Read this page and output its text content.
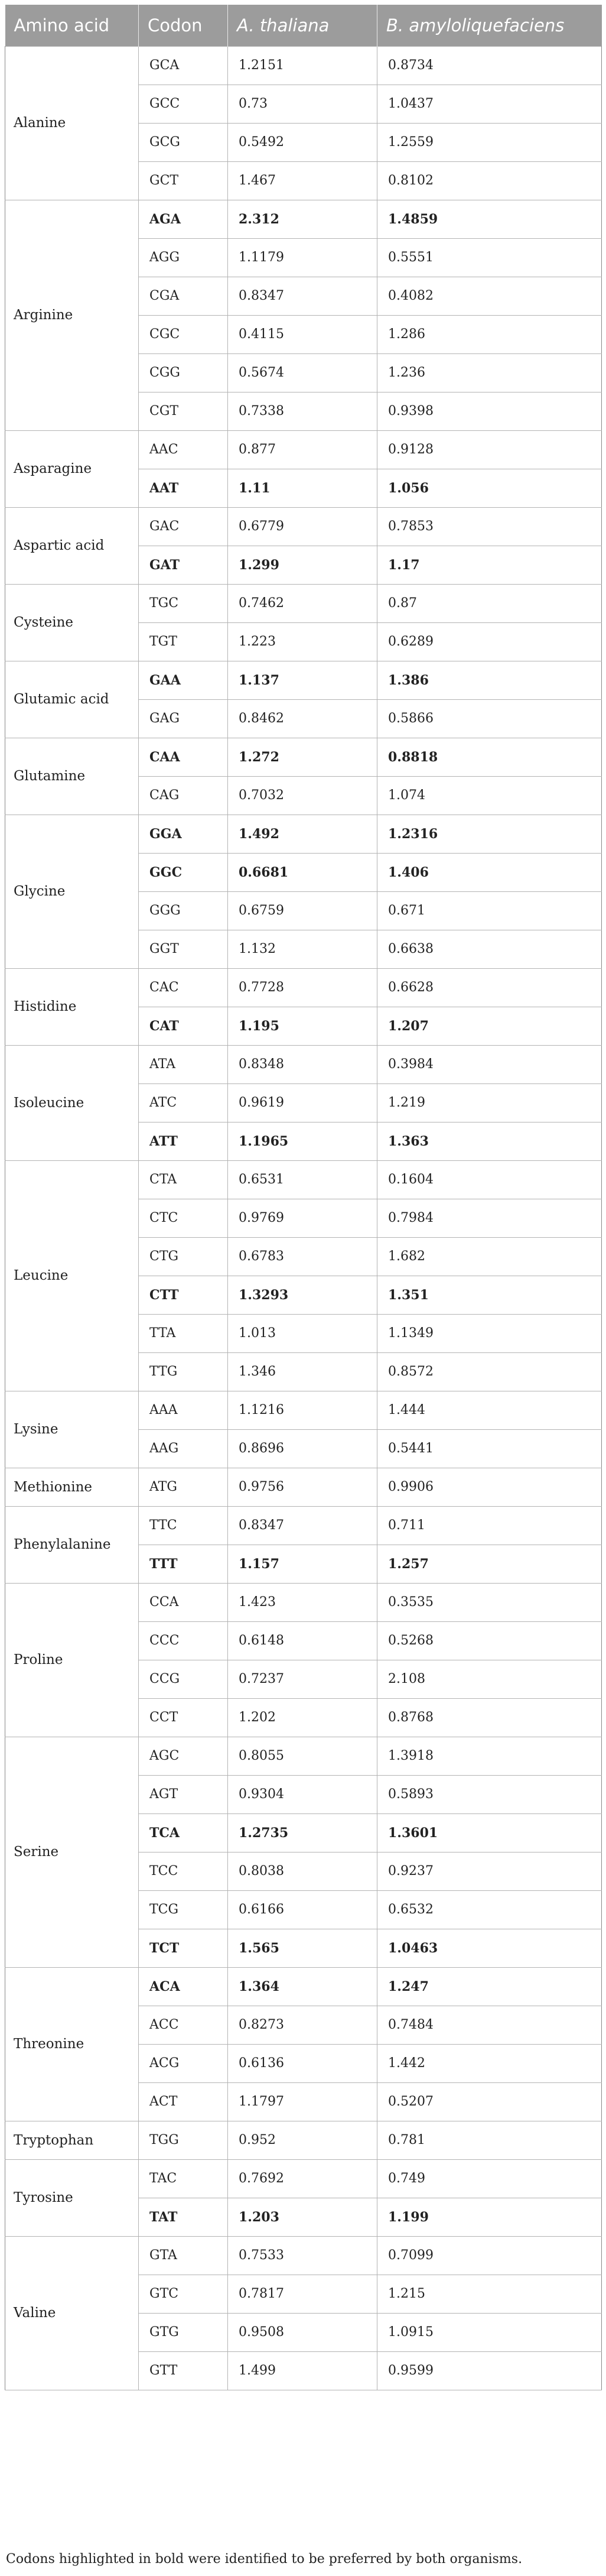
Amino acid	Codon	A. thaliana	B. amyloliquefaciens
Alanine	GCA	1.2151	0.8734
	GCC	0.73	1.0437
	GCG	0.5492	1.2559
	GCT	1.467	0.8102
Arginine	AGA	2.312	1.4859
	AGG	1.1179	0.5551
	CGA	0.8347	0.4082
	CGC	0.4115	1.286
	CGG	0.5674	1.236
	CGT	0.7338	0.9398
Asparagine	AAC	0.877	0.9128
	AAT	1.11	1.056
Aspartic acid	GAC	0.6779	0.7853
	GAT	1.299	1.17
Cysteine	TGC	0.7462	0.87
	TGT	1.223	0.6289
Glutamic acid	GAA	1.137	1.386
	GAG	0.8462	0.5866
Glutamine	CAA	1.272	0.8818
	CAG	0.7032	1.074
Glycine	GGA	1.492	1.2316
	GGC	0.6681	1.406
	GGG	0.6759	0.671
	GGT	1.132	0.6638
Histidine	CAC	0.7728	0.6628
	CAT	1.195	1.207
Isoleucine	ATA	0.8348	0.3984
	ATC	0.9619	1.219
	ATT	1.1965	1.363
Leucine	CTA	0.6531	0.1604
	CTC	0.9769	0.7984
	CTG	0.6783	1.682
	CTT	1.3293	1.351
	TTA	1.013	1.1349
	TTG	1.346	0.8572
Lysine	AAA	1.1216	1.444
	AAG	0.8696	0.5441
Methionine	ATG	0.9756	0.9906
Phenylalanine	TTC	0.8347	0.711
	TTT	1.157	1.257
Proline	CCA	1.423	0.3535
	CCC	0.6148	0.5268
	CCG	0.7237	2.108
	CCT	1.202	0.8768
Serine	AGC	0.8055	1.3918
	AGT	0.9304	0.5893
	TCA	1.2735	1.3601
	TCC	0.8038	0.9237
	TCG	0.6166	0.6532
	TCT	1.565	1.0463
Threonine	ACA	1.364	1.247
	ACC	0.8273	0.7484
	ACG	0.6136	1.442
	ACT	1.1797	0.5207
Tryptophan	TGG	0.952	0.781
Tyrosine	TAC	0.7692	0.749
	TAT	1.203	1.199
Valine	GTA	0.7533	0.7099
	GTC	0.7817	1.215
	GTG	0.9508	1.0915
	GTT	1.499	0.9599
Codons highlighted in bold were identified to be preferred by both organisms.
